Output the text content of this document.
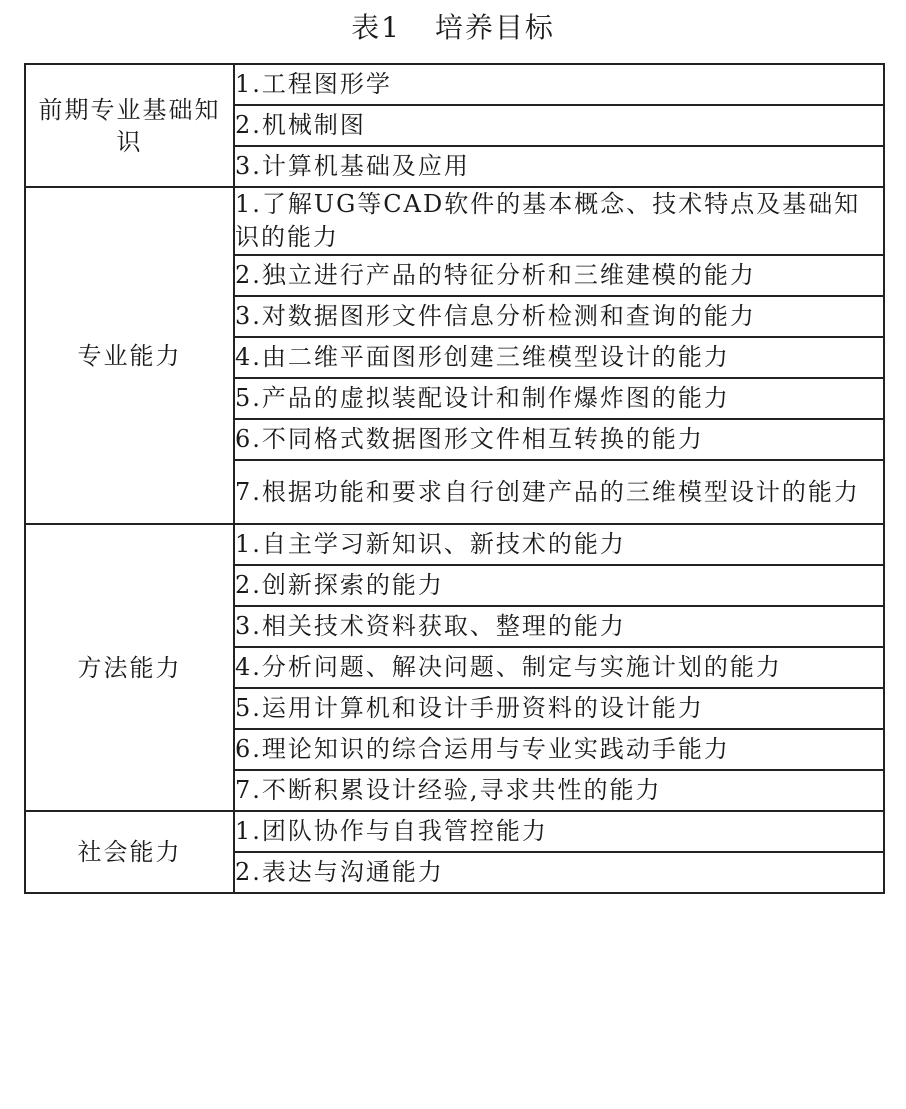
表1 培养目标
前期专业基础知识	1.工程图形学
	2.机械制图
	3.计算机基础及应用
专业能力	1.了解UG等CAD软件的基本概念、技术特点及基础知识的能力
	2.独立进行产品的特征分析和三维建模的能力
	3.对数据图形文件信息分析检测和查询的能力
	4.由二维平面图形创建三维模型设计的能力
	5.产品的虚拟装配设计和制作爆炸图的能力
	6.不同格式数据图形文件相互转换的能力
	7.根据功能和要求自行创建产品的三维模型设计的能力
方法能力	1.自主学习新知识、新技术的能力
	2.创新探索的能力
	3.相关技术资料获取、整理的能力
	4.分析问题、解决问题、制定与实施计划的能力
	5.运用计算机和设计手册资料的设计能力
	6.理论知识的综合运用与专业实践动手能力
	7.不断积累设计经验,寻求共性的能力
社会能力	1.团队协作与自我管控能力
	2.表达与沟通能力
